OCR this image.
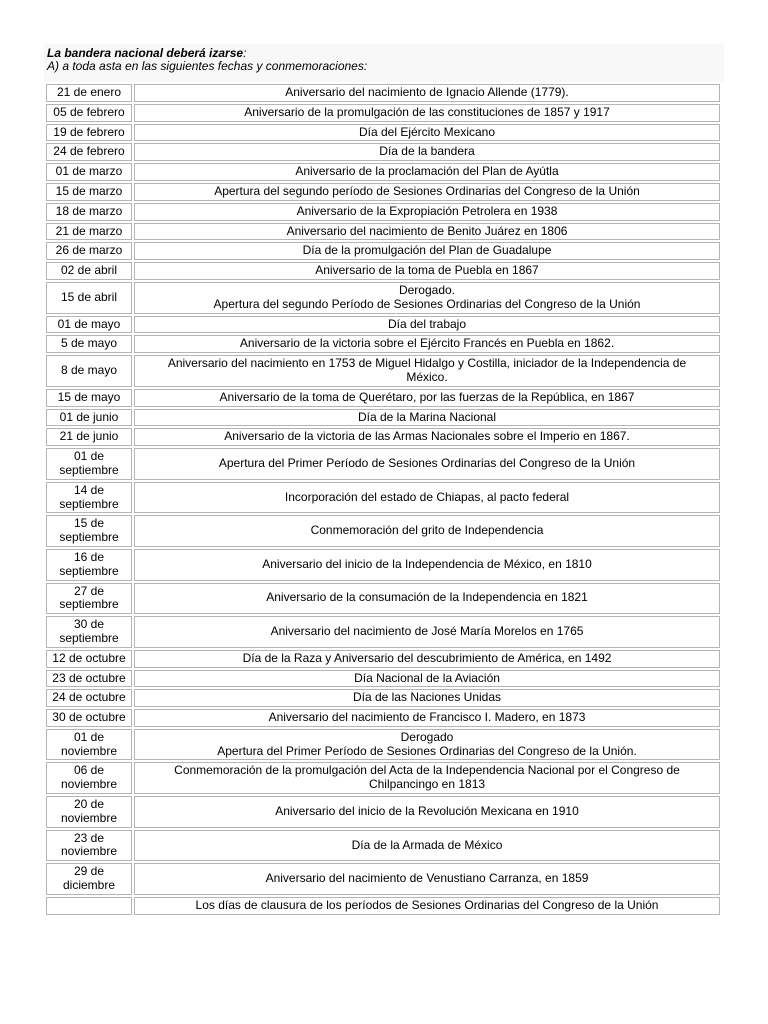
La bandera nacional deberá izarse:
A) a toda asta en las siguientes fechas y conmemoraciones:
21 de enero	Aniversario del nacimiento de Ignacio Allende (1779).

05 de febrero	Aniversario de la promulgación de las constituciones de 1857 y 1917

19 de febrero	Día del Ejército Mexicano

24 de febrero	Día de la bandera

01 de marzo	Aniversario de la proclamación del Plan de Ayútla

15 de marzo	Apertura del segundo período de Sesiones Ordinarias del Congreso de la Unión

18 de marzo	Aniversario de la Expropiación Petrolera en 1938

21 de marzo	Aniversario del nacimiento de Benito Juárez en 1806

26 de marzo	Día de la promulgación del Plan de Guadalupe

02 de abril	Aniversario de la toma de Puebla en 1867

15 de abril	Derogado.
Apertura del segundo Período de Sesiones Ordinarias del Congreso de la Unión

01 de mayo	Día del trabajo

5 de mayo	Aniversario de la victoria sobre el Ejército Francés en Puebla en 1862.

8 de mayo	Aniversario del nacimiento en 1753 de Miguel Hidalgo y Costilla, iniciador de la Independencia de
México.

15 de mayo	Aniversario de la toma de Querétaro, por las fuerzas de la República, en 1867

01 de junio	Día de la Marina Nacional

21 de junio	Aniversario de la victoria de las Armas Nacionales sobre el Imperio en 1867.

01 de
septiembre	Apertura del Primer Período de Sesiones Ordinarias del Congreso de la Unión

14 de
septiembre	Incorporación del estado de Chiapas, al pacto federal

15 de
septiembre	Conmemoración del grito de Independencia

16 de
septiembre	Aniversario del inicio de la Independencia de México, en 1810

27 de
septiembre	Aniversario de la consumación de la Independencia en 1821

30 de
septiembre	Aniversario del nacimiento de José María Morelos en 1765

12 de octubre	Día de la Raza y Aniversario del descubrimiento de América, en 1492

23 de octubre	Día Nacional de la Aviación

24 de octubre	Día de las Naciones Unidas

30 de octubre	Aniversario del nacimiento de Francisco I. Madero, en 1873

01 de
noviembre	Derogado
Apertura del Primer Período de Sesiones Ordinarias del Congreso de la Unión.

06 de
noviembre	Conmemoración de la promulgación del Acta de la Independencia Nacional por el Congreso de
Chilpancingo en 1813

20 de
noviembre	Aniversario del inicio de la Revolución Mexicana en 1910

23 de
noviembre	Día de la Armada de México

29 de
diciembre	Aniversario del nacimiento de Venustiano Carranza, en 1859

	Los días de clausura de los períodos de Sesiones Ordinarias del Congreso de la Unión
